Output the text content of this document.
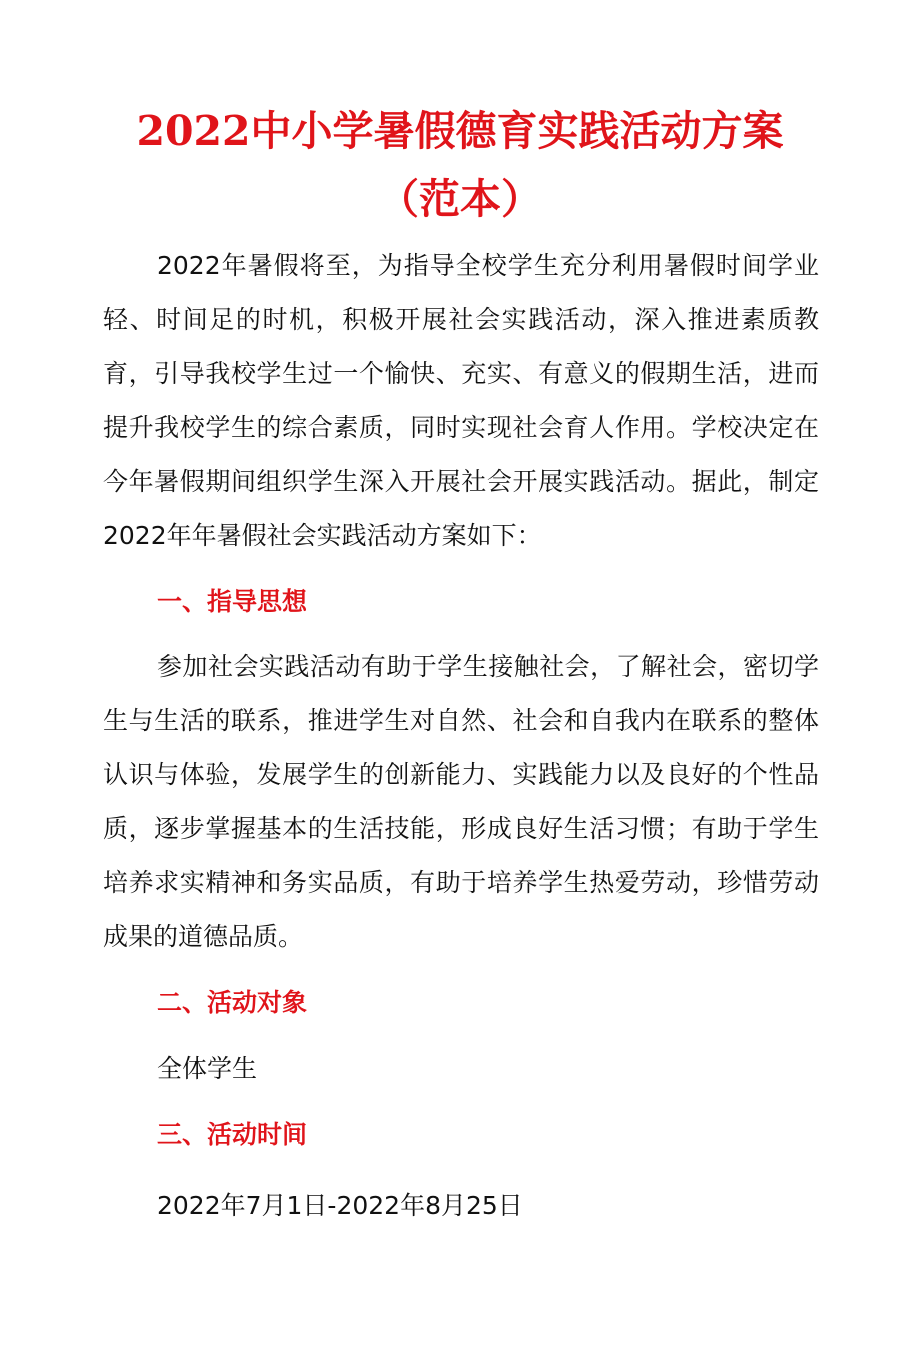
2022中小学暑假德育实践活动方案
（范本）

2022年暑假将至，为指导全校学生充分利用暑假时间学业轻、时间足的时机，积极开展社会实践活动，深入推进素质教育，引导我校学生过一个愉快、充实、有意义的假期生活，进而提升我校学生的综合素质，同时实现社会育人作用。学校决定在今年暑假期间组织学生深入开展社会开展实践活动。据此，制定2022年年暑假社会实践活动方案如下：

一、指导思想

参加社会实践活动有助于学生接触社会，了解社会，密切学生与生活的联系，推进学生对自然、社会和自我内在联系的整体认识与体验，发展学生的创新能力、实践能力以及良好的个性品质，逐步掌握基本的生活技能，形成良好生活习惯；有助于学生培养求实精神和务实品质，有助于培养学生热爱劳动，珍惜劳动成果的道德品质。

二、活动对象
全体学生
三、活动时间
2022年7月1日-2022年8月25日
